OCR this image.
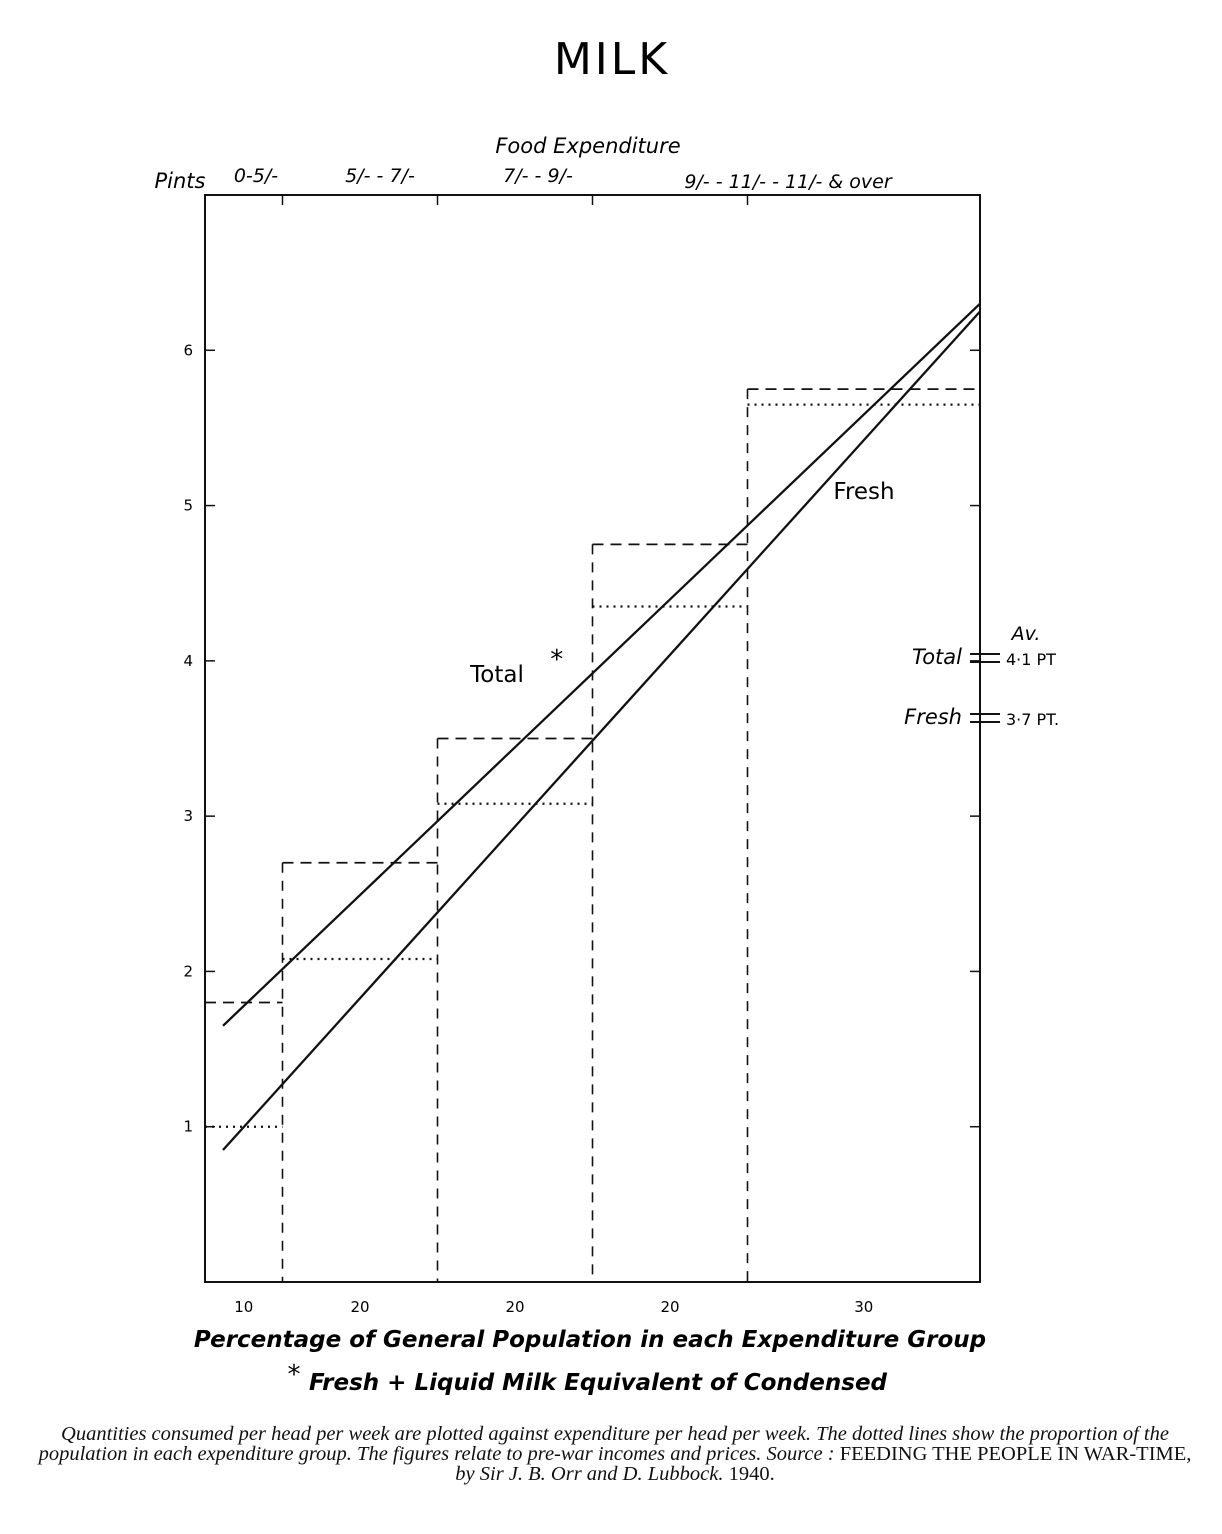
MILK
Food Expenditure
Pints 0-5/-	5/- - 7/-	7/- - 9/-	9/- - 11/- - 11/- & over
1
2
3
4
5
6
10	20	20	20	30
Total
Fresh
*
Av.
Total	4·1 PT
Fresh	3·7 PT.
Percentage of General Population in each Expenditure Group
* Fresh + Liquid Milk Equivalent of Condensed
Quantities consumed per head per week are plotted against expenditure per head per week. The dotted lines show the proportion of the population in each expenditure group. The figures relate to pre-war incomes and prices. Source : FEEDING THE PEOPLE IN WAR-TIME, by Sir J. B. Orr and D. Lubbock. 1940.
